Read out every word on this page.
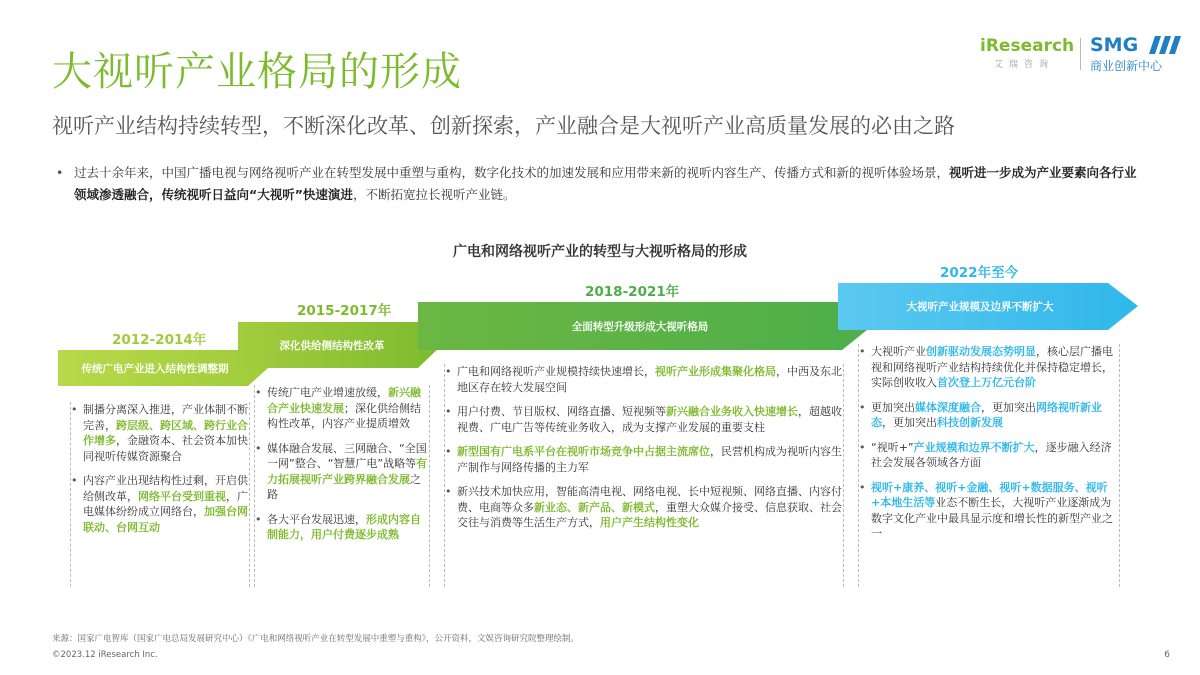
大视听产业格局的形成
视听产业结构持续转型，不断深化改革、创新探索，产业融合是大视听产业高质量发展的必由之路
iResearch
艾瑞咨询
SMG
商业创新中心
• 过去十余年来，中国广播电视与网络视听产业在转型发展中重塑与重构，数字化技术的加速发展和应用带来新的视听内容生产、传播方式和新的视听体验场景，视听进一步成为产业要素向各行业领域渗透融合，传统视听日益向“大视听”快速演进，不断拓宽拉长视听产业链。
广电和网络视听产业的转型与大视听格局的形成
2012-2014年
2015-2017年
2018-2021年
2022年至今
传统广电产业进入结构性调整期
深化供给侧结构性改革
全面转型升级形成大视听格局
大视听产业规模及边界不断扩大
• 制播分离深入推进，产业体制不断完善，跨层级、跨区域、跨行业合作增多，金融资本、社会资本加快同视听传媒资源聚合
• 内容产业出现结构性过剩，开启供给侧改革，网络平台受到重视，广电媒体纷纷成立网络台，加强台网联动、台网互动
• 传统广电产业增速放缓，新兴融合产业快速发展；深化供给侧结构性改革，内容产业提质增效
• 媒体融合发展、三网融合、“全国一网”整合、“智慧广电”战略等有力拓展视听产业跨界融合发展之路
• 各大平台发展迅速，形成内容自制能力，用户付费逐步成熟
• 广电和网络视听产业规模持续快速增长，视听产业形成集聚化格局，中西及东北地区存在较大发展空间
• 用户付费、节目版权、网络直播、短视频等新兴融合业务收入快速增长，超越收视费、广电广告等传统业务收入，成为支撑产业发展的重要支柱
• 新型国有广电系平台在视听市场竞争中占据主流席位，民营机构成为视听内容生产制作与网络传播的主力军
• 新兴技术加快应用，智能高清电视、网络电视、长中短视频、网络直播、内容付费、电商等众多新业态、新产品、新模式，重塑大众媒介接受、信息获取、社会交往与消费等生活生产方式，用户产生结构性变化
• 大视听产业创新驱动发展态势明显，核心层广播电视和网络视听产业结构持续优化并保持稳定增长，实际创收收入首次登上万亿元台阶
• 更加突出媒体深度融合，更加突出网络视听新业态，更加突出科技创新发展
• “视听+”产业规模和边界不断扩大，逐步融入经济社会发展各领域各方面
• 视听+康养、视听+金融、视听+数据服务、视听+本地生活等业态不断生长，大视听产业逐渐成为数字文化产业中最具显示度和增长性的新型产业之一
来源：国家广电智库（国家广电总局发展研究中心）《广电和网络视听产业在转型发展中重塑与重构》，公开资料，文娱咨询研究院整理绘制。
©2023.12 iResearch Inc.	6
